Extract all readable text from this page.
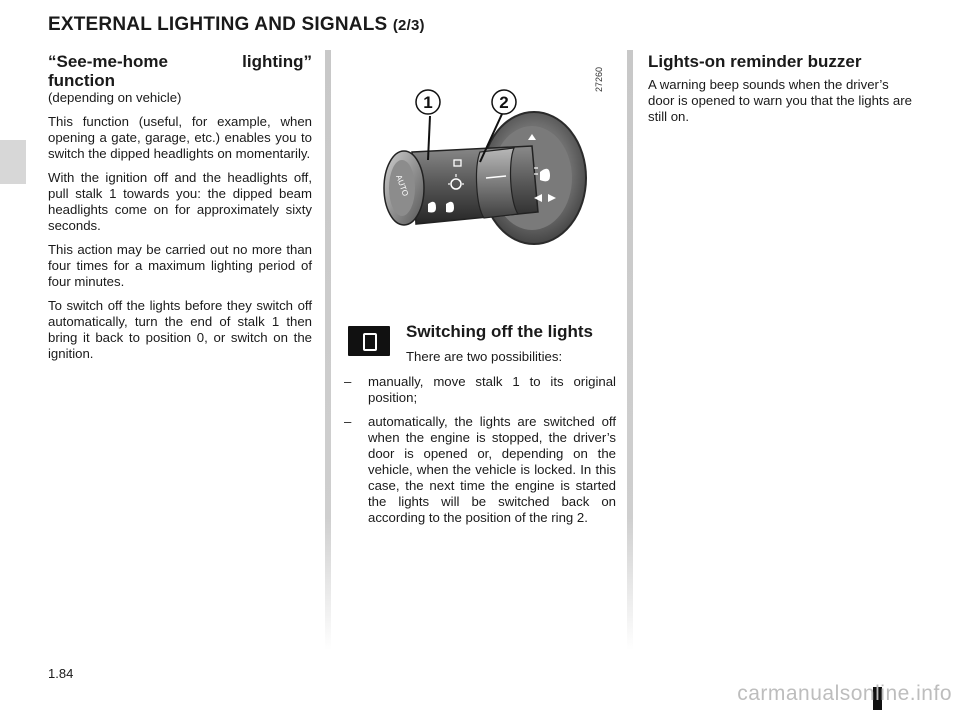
EXTERNAL LIGHTING AND SIGNALS (2/3)
“See-me-home lighting” function

(depending on vehicle)

This function (useful, for example, when opening a gate, garage, etc.) enables you to switch the dipped headlights on momentarily.

With the ignition off and the headlights off, pull stalk 1 towards you: the dipped beam headlights come on for approximately sixty seconds.

This action may be carried out no more than four times for a maximum lighting period of four minutes.

To switch off the lights before they switch off automatically, turn the end of stalk 1 then bring it back to position 0, or switch on the ignition.

AUTO
1	2
27260
Switching off the lights

There are two possibilities:

– manually, move stalk 1 to its original position;
– automatically, the lights are switched off when the engine is stopped, the driver’s door is opened or, depending on the vehicle, when the vehicle is locked. In this case, the next time the engine is started the lights will be switched back on according to the position of the ring 2.
Lights-on reminder buzzer

A warning beep sounds when the driver’s door is opened to warn you that the lights are still on.

1.84

carmanualsonline.info
